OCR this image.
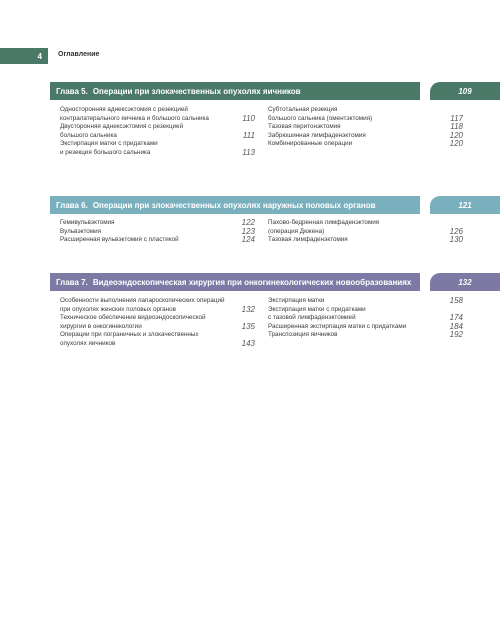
4 Оглавление
Глава 5. Операции при злокачественных опухолях яичников	109
Односторонняя аднексэктомия с резекцией
контралатерального яичника и большого сальника	110
Двусторонняя аднексэктомия с резекцией
большого сальника	111
Экстирпация матки с придатками
и резекция большого сальника	113
Субтотальная резекция
большого сальника (оментэктомия)	117
Тазовая перитонэктомия	118
Забрюшинная лимфаденэктомия	120
Комбинированные операции	120
Глава 6. Операции при злокачественных опухолях наружных половых органов	121
Гемивульвэктомия	122
Вульвэктомия	123
Расширенная вульвэктомия с пластикой	124
Пахово-бедренная лимфаденэктомия
(операция Дюкена)	126
Тазовая лимфаденэктомия	130
Глава 7. Видеоэндоскопическая хирургия при онкогинекологических новообразованиях	132
Особенности выполнения лапароскопических операций
при опухолях женских половых органов	132
Техническое обеспечение видеоэндоскопической
хирургии в онкогинекологии	135
Операции при пограничных и злокачественных
опухолях яичников	143
Экстирпация матки	158
Экстирпация матки с придатками
с тазовой лимфаденэктомией	174
Расширенная экстирпация матки с придатками	184
Транспозиция яичников	192
